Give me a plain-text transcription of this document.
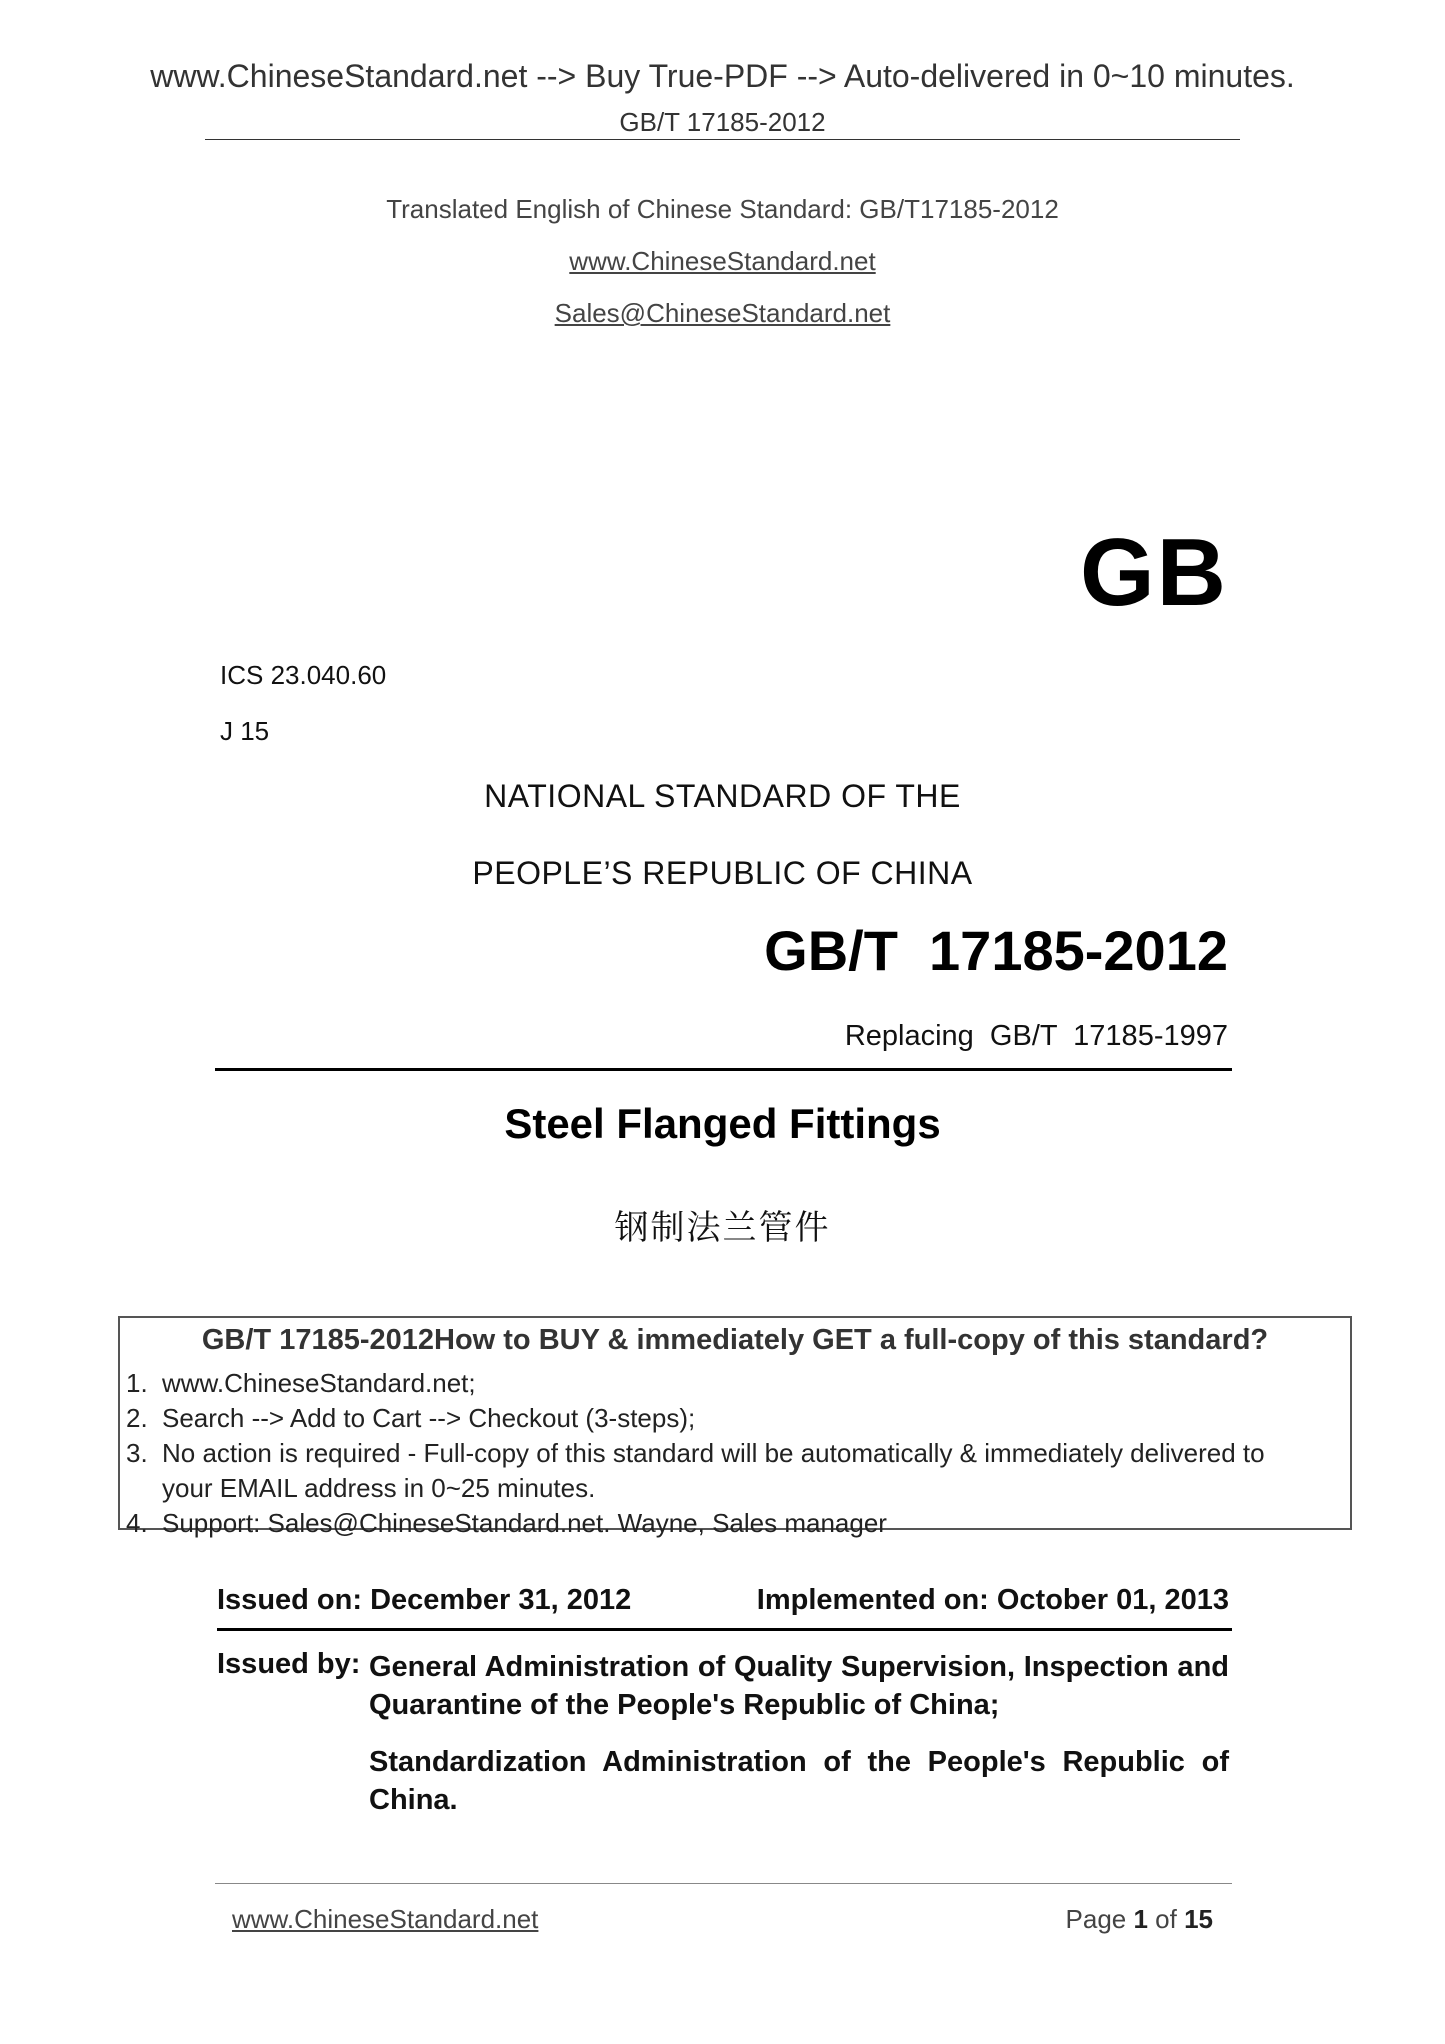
www.ChineseStandard.net --> Buy True-PDF --> Auto-delivered in 0~10 minutes.
GB/T 17185-2012
Translated English of Chinese Standard: GB/T17185-2012
www.ChineseStandard.net
Sales@ChineseStandard.net
GB
ICS 23.040.60
J 15
NATIONAL STANDARD OF THE
PEOPLE’S REPUBLIC OF CHINA
GB/T  17185-2012
Replacing  GB/T  17185-1997
Steel Flanged Fittings
钢制法兰管件
GB/T 17185-2012How to BUY & immediately GET a full-copy of this standard?
1. www.ChineseStandard.net;
2. Search --> Add to Cart --> Checkout (3-steps);
3. No action is required - Full-copy of this standard will be automatically & immediately delivered to
your EMAIL address in 0~25 minutes.
4. Support: Sales@ChineseStandard.net. Wayne, Sales manager
Issued on: December 31, 2012	Implemented on: October 01, 2013
Issued by: General Administration of Quality Supervision, Inspection and Quarantine of the People's Republic of China;
Standardization Administration of the People's Republic of China.
www.ChineseStandard.net	Page 1 of 15
